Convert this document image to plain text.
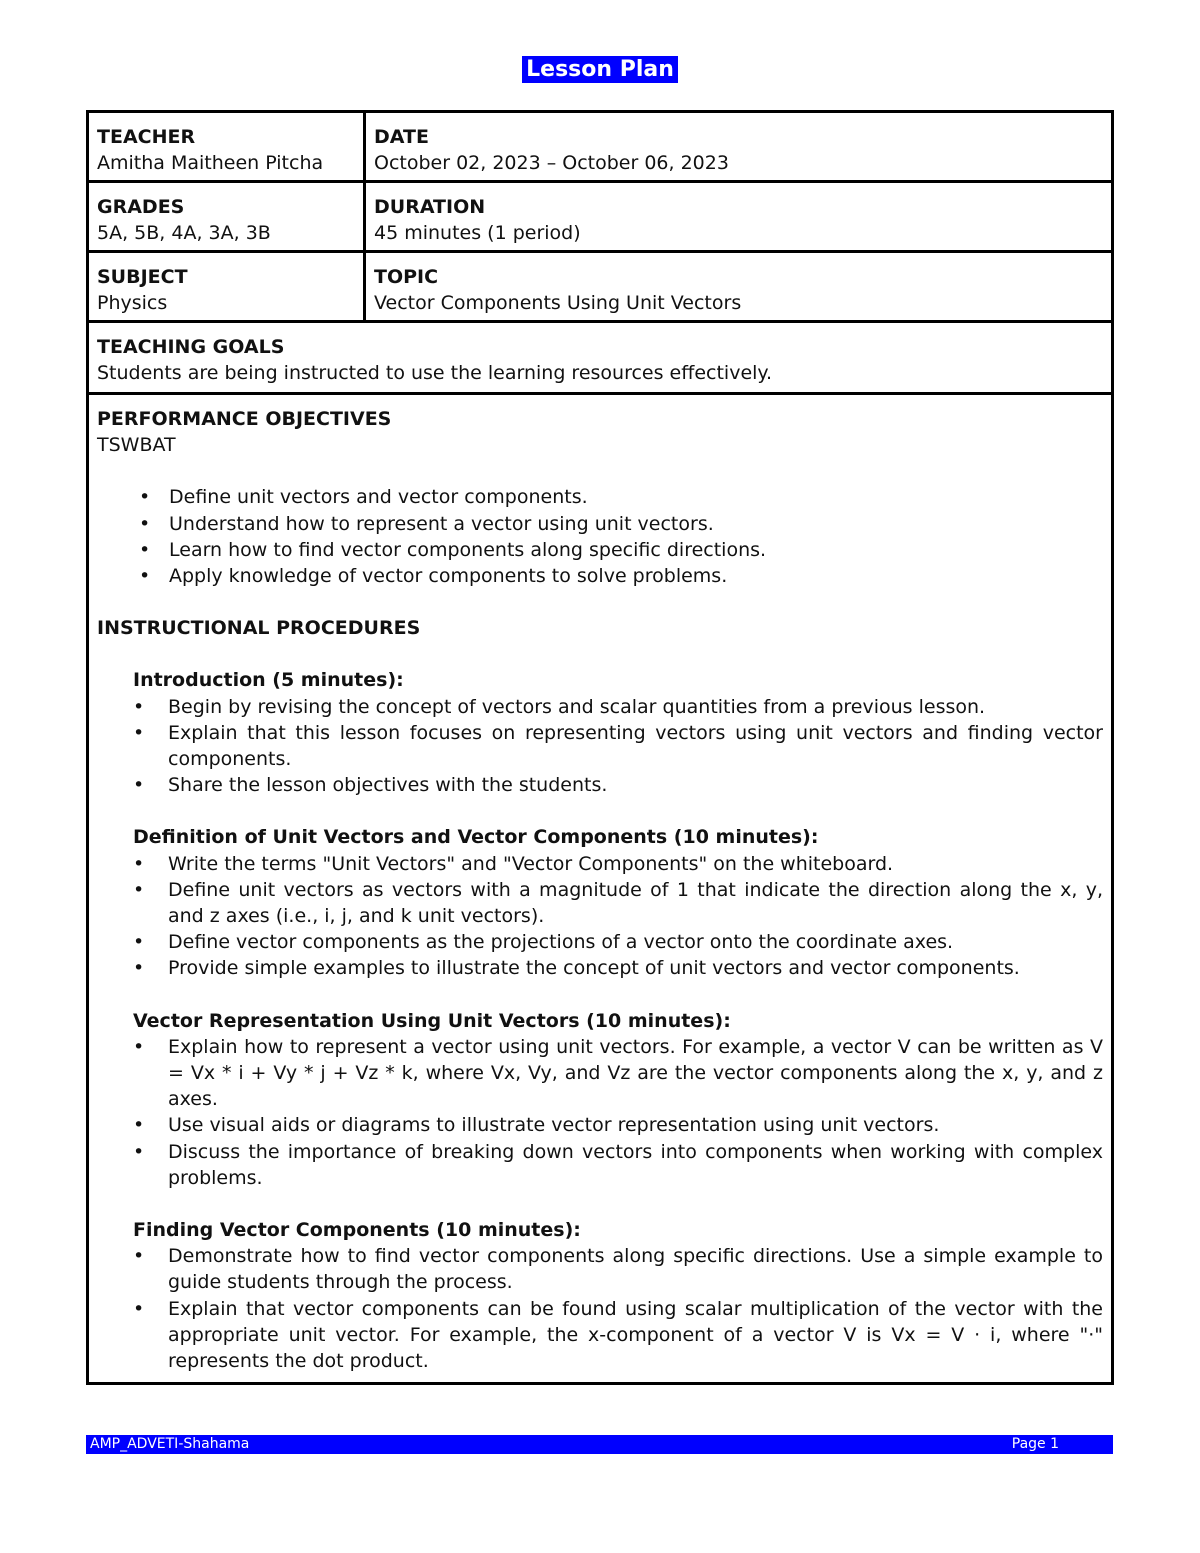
Lesson Plan
TEACHER
Amitha Maitheen Pitcha
DATE
October 02, 2023 – October 06, 2023
GRADES
5A, 5B, 4A, 3A, 3B
DURATION
45 minutes (1 period)
SUBJECT
Physics
TOPIC
Vector Components Using Unit Vectors
TEACHING GOALS
Students are being instructed to use the learning resources effectively.
PERFORMANCE OBJECTIVES
TSWBAT
• Define unit vectors and vector components.
• Understand how to represent a vector using unit vectors.
• Learn how to find vector components along specific directions.
• Apply knowledge of vector components to solve problems.
INSTRUCTIONAL PROCEDURES
Introduction (5 minutes):
• Begin by revising the concept of vectors and scalar quantities from a previous lesson.
• Explain that this lesson focuses on representing vectors using unit vectors and finding vector components.
• Share the lesson objectives with the students.
Definition of Unit Vectors and Vector Components (10 minutes):
• Write the terms "Unit Vectors" and "Vector Components" on the whiteboard.
• Define unit vectors as vectors with a magnitude of 1 that indicate the direction along the x, y, and z axes (i.e., i, j, and k unit vectors).
• Define vector components as the projections of a vector onto the coordinate axes.
• Provide simple examples to illustrate the concept of unit vectors and vector components.
Vector Representation Using Unit Vectors (10 minutes):
• Explain how to represent a vector using unit vectors. For example, a vector V can be written as V = Vx * i + Vy * j + Vz * k, where Vx, Vy, and Vz are the vector components along the x, y, and z axes.
• Use visual aids or diagrams to illustrate vector representation using unit vectors.
• Discuss the importance of breaking down vectors into components when working with complex problems.
Finding Vector Components (10 minutes):
• Demonstrate how to find vector components along specific directions. Use a simple example to guide students through the process.
• Explain that vector components can be found using scalar multiplication of the vector with the appropriate unit vector. For example, the x-component of a vector V is Vx = V · i, where "·" represents the dot product.
AMP_ADVETI-Shahama	Page 1
